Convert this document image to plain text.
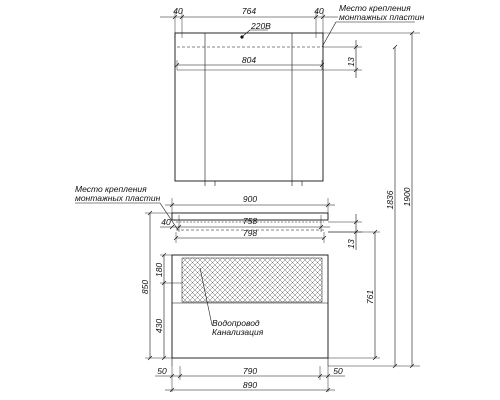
40	764	40
220В
804	13
Место крепления
монтажных пластин
900
40	758
798
13
Место крепления
монтажных пластин
850
180
430
761
Водопровод
Канализация
50	790	50
890
1836 1900
